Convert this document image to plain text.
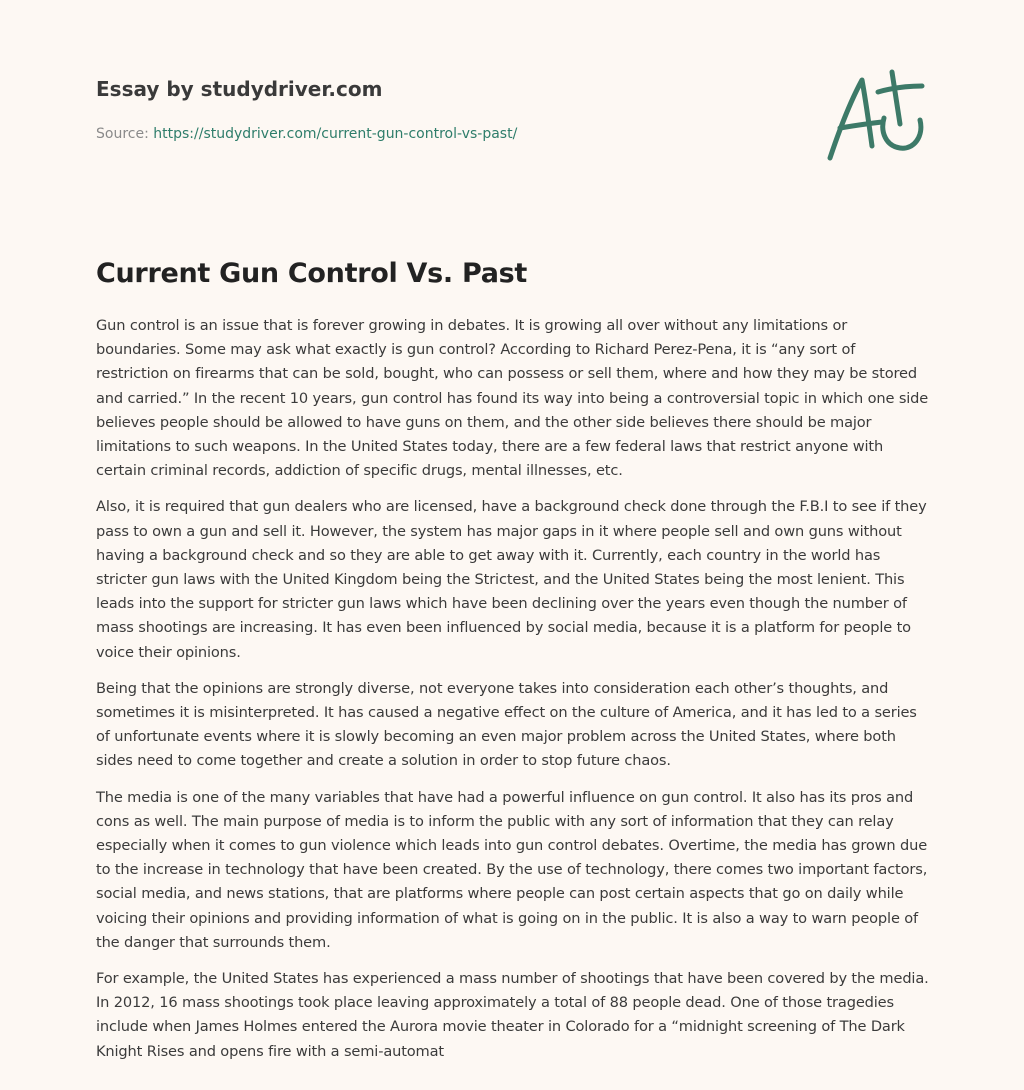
Essay by studydriver.com
Source: https://studydriver.com/current-gun-control-vs-past/
Current Gun Control Vs. Past

Gun control is an issue that is forever growing in debates. It is growing all over without any limitations or boundaries. Some may ask what exactly is gun control? According to Richard Perez-Pena, it is “any sort of restriction on firearms that can be sold, bought, who can possess or sell them, where and how they may be stored and carried.” In the recent 10 years, gun control has found its way into being a controversial topic in which one side believes people should be allowed to have guns on them, and the other side believes there should be major limitations to such weapons. In the United States today, there are a few federal laws that restrict anyone with certain criminal records, addiction of specific drugs, mental illnesses, etc.

Also, it is required that gun dealers who are licensed, have a background check done through the F.B.I to see if they pass to own a gun and sell it. However, the system has major gaps in it where people sell and own guns without having a background check and so they are able to get away with it. Currently, each country in the world has stricter gun laws with the United Kingdom being the Strictest, and the United States being the most lenient. This leads into the support for stricter gun laws which have been declining over the years even though the number of mass shootings are increasing. It has even been influenced by social media, because it is a platform for people to voice their opinions.

Being that the opinions are strongly diverse, not everyone takes into consideration each other’s thoughts, and sometimes it is misinterpreted. It has caused a negative effect on the culture of America, and it has led to a series of unfortunate events where it is slowly becoming an even major problem across the United States, where both sides need to come together and create a solution in order to stop future chaos.

The media is one of the many variables that have had a powerful influence on gun control. It also has its pros and cons as well. The main purpose of media is to inform the public with any sort of information that they can relay especially when it comes to gun violence which leads into gun control debates. Overtime, the media has grown due to the increase in technology that have been created. By the use of technology, there comes two important factors, social media, and news stations, that are platforms where people can post certain aspects that go on daily while voicing their opinions and providing information of what is going on in the public. It is also a way to warn people of the danger that surrounds them.

For example, the United States has experienced a mass number of shootings that have been covered by the media. In 2012, 16 mass shootings took place leaving approximately a total of 88 people dead. One of those tragedies include when James Holmes entered the Aurora movie theater in Colorado for a “midnight screening of The Dark Knight Rises and opens fire with a semi-automat
